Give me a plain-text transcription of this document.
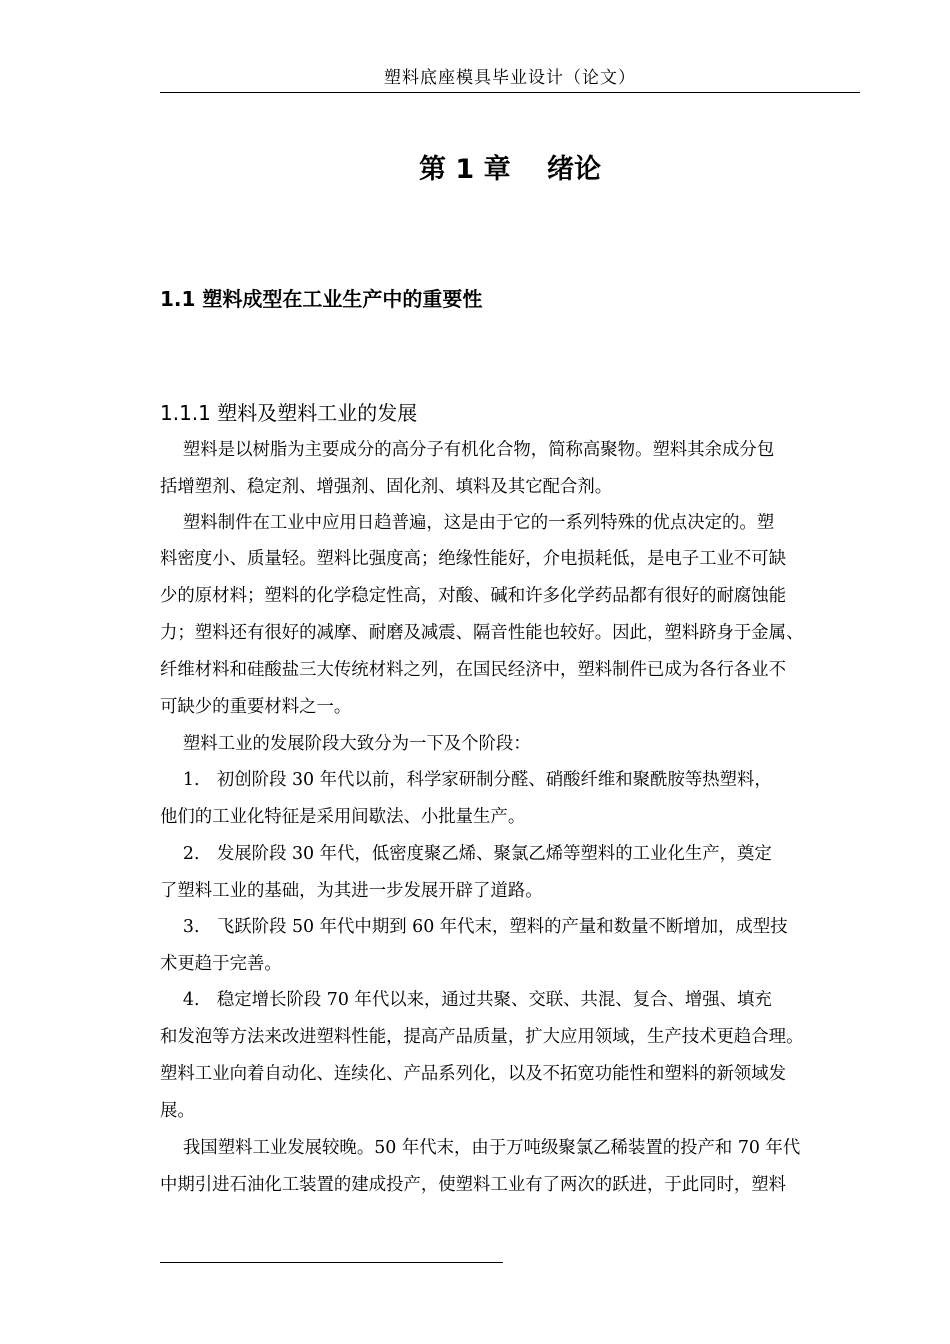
塑料底座模具毕业设计（论文）
第 1 章　 绪论
1.1 塑料成型在工业生产中的重要性
1.1.1 塑料及塑料工业的发展
　 塑料是以树脂为主要成分的高分子有机化合物，简称高聚物。塑料其余成分包
括增塑剂、稳定剂、增强剂、固化剂、填料及其它配合剂。
　 塑料制件在工业中应用日趋普遍，这是由于它的一系列特殊的优点决定的。塑
料密度小、质量轻。塑料比强度高；绝缘性能好，介电损耗低，是电子工业不可缺
少的原材料；塑料的化学稳定性高，对酸、碱和许多化学药品都有很好的耐腐蚀能
力；塑料还有很好的减摩、耐磨及减震、隔音性能也较好。因此，塑料跻身于金属、
纤维材料和硅酸盐三大传统材料之列，在国民经济中，塑料制件已成为各行各业不
可缺少的重要材料之一。
　 塑料工业的发展阶段大致分为一下及个阶段：
　 1.　初创阶段 30 年代以前，科学家研制分醛、硝酸纤维和聚酰胺等热塑料，
他们的工业化特征是采用间歇法、小批量生产。
　 2.　发展阶段 30 年代，低密度聚乙烯、聚氯乙烯等塑料的工业化生产，奠定
了塑料工业的基础，为其进一步发展开辟了道路。
　 3.　飞跃阶段 50 年代中期到 60 年代末，塑料的产量和数量不断增加，成型技
术更趋于完善。
　 4.　稳定增长阶段 70 年代以来，通过共聚、交联、共混、复合、增强、填充
和发泡等方法来改进塑料性能，提高产品质量，扩大应用领域，生产技术更趋合理。
塑料工业向着自动化、连续化、产品系列化，以及不拓宽功能性和塑料的新领域发
展。
　 我国塑料工业发展较晚。50 年代末，由于万吨级聚氯乙稀装置的投产和 70 年代
中期引进石油化工装置的建成投产，使塑料工业有了两次的跃进，于此同时，塑料
